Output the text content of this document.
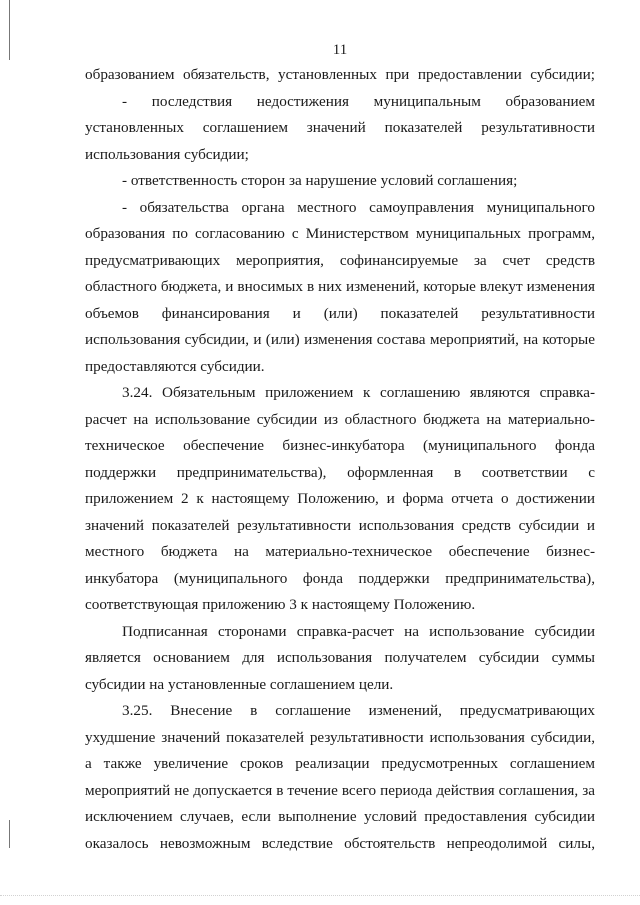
11
образованием обязательств, установленных при предоставлении субсидии;
- последствия недостижения муниципальным образованием
установленных соглашением значений показателей результативности
использования субсидии;
- ответственность сторон за нарушение условий соглашения;
- обязательства органа местного самоуправления муниципального
образования по согласованию с Министерством муниципальных программ,
предусматривающих мероприятия, софинансируемые за счет средств
областного бюджета, и вносимых в них изменений, которые влекут изменения
объемов финансирования и (или) показателей результативности
использования субсидии, и (или) изменения состава мероприятий, на которые
предоставляются субсидии.
3.24. Обязательным приложением к соглашению являются справка-
расчет на использование субсидии из областного бюджета на материально-
техническое обеспечение бизнес-инкубатора (муниципального фонда
поддержки предпринимательства), оформленная в соответствии с
приложением 2 к настоящему Положению, и форма отчета о достижении
значений показателей результативности использования средств субсидии и
местного бюджета на материально-техническое обеспечение бизнес-
инкубатора (муниципального фонда поддержки предпринимательства),
соответствующая приложению 3 к настоящему Положению.
Подписанная сторонами справка-расчет на использование субсидии
является основанием для использования получателем субсидии суммы
субсидии на установленные соглашением цели.
3.25. Внесение в соглашение изменений, предусматривающих
ухудшение значений показателей результативности использования субсидии,
а также увеличение сроков реализации предусмотренных соглашением
мероприятий не допускается в течение всего периода действия соглашения, за
исключением случаев, если выполнение условий предоставления субсидии
оказалось невозможным вследствие обстоятельств непреодолимой силы,
